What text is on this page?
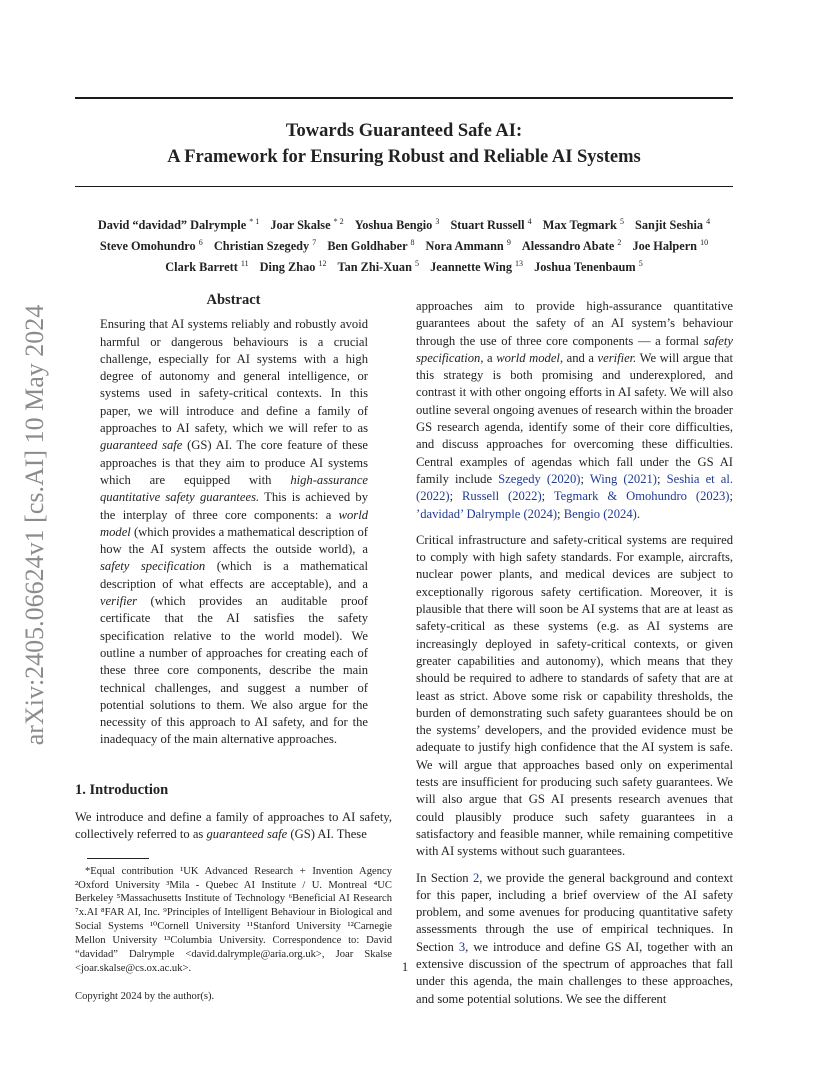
Towards Guaranteed Safe AI:
A Framework for Ensuring Robust and Reliable AI Systems
David “davidad” Dalrymple $^{* 1}$ Joar Skalse $^{* 2}$ Yoshua Bengio $^3$ Stuart Russell $^4$ Max Tegmark $^5$ Sanjit Seshia $^4$
Steve Omohundro $^6$ Christian Szegedy $^7$ Ben Goldhaber $^8$ Nora Ammann $^9$ Alessandro Abate $^2$ Joe Halpern $^{10}$
Clark Barrett $^{11}$ Ding Zhao $^{12}$ Tan Zhi-Xuan $^5$ Jeannette Wing $^{13}$ Joshua Tenenbaum $^5$
arXiv:2405.06624v1 [cs.AI] 10 May 2024
Abstract
Ensuring that AI systems reliably and robustly avoid harmful or dangerous behaviours is a crucial challenge, especially for AI systems with a high degree of autonomy and general intelligence, or systems used in safety-critical contexts. In this paper, we will introduce and define a family of approaches to AI safety, which we will refer to as guaranteed safe (GS) AI. The core feature of these approaches is that they aim to produce AI systems which are equipped with high-assurance quantitative safety guarantees. This is achieved by the interplay of three core components: a world model (which provides a mathematical description of how the AI system affects the outside world), a safety specification (which is a mathematical description of what effects are acceptable), and a verifier (which provides an auditable proof certificate that the AI satisfies the safety specification relative to the world model). We outline a number of approaches for creating each of these three core components, describe the main technical challenges, and suggest a number of potential solutions to them. We also argue for the necessity of this approach to AI safety, and for the inadequacy of the main alternative approaches.
1. Introduction

We introduce and define a family of approaches to AI safety, collectively referred to as guaranteed safe (GS) AI. These

*Equal contribution ¹UK Advanced Research + Invention Agency ²Oxford University ³Mila - Quebec AI Institute / U. Montreal ⁴UC Berkeley ⁵Massachusetts Institute of Technology ⁶Beneficial AI Research ⁷x.AI ⁸FAR AI, Inc. ⁹Principles of Intelligent Behaviour in Biological and Social Systems ¹⁰Cornell University ¹¹Stanford University ¹²Carnegie Mellon University ¹³Columbia University. Correspondence to: David “davidad” Dalrymple <david.dalrymple@aria.org.uk>, Joar Skalse <joar.skalse@cs.ox.ac.uk>.

Copyright 2024 by the author(s).

approaches aim to provide high-assurance quantitative guarantees about the safety of an AI system’s behaviour through the use of three core components — a formal safety specification, a world model, and a verifier. We will argue that this strategy is both promising and underexplored, and contrast it with other ongoing efforts in AI safety. We will also outline several ongoing avenues of research within the broader GS research agenda, identify some of their core difficulties, and discuss approaches for overcoming these difficulties. Central examples of agendas which fall under the GS AI family include Szegedy (2020); Wing (2021); Seshia et al. (2022); Russell (2022); Tegmark & Omohundro (2023); ’davidad’ Dalrymple (2024); Bengio (2024).

Critical infrastructure and safety-critical systems are required to comply with high safety standards. For example, aircrafts, nuclear power plants, and medical devices are subject to exceptionally rigorous safety certification. Moreover, it is plausible that there will soon be AI systems that are at least as safety-critical as these systems (e.g. as AI systems are increasingly deployed in safety-critical contexts, or given greater capabilities and autonomy), which means that they should be required to adhere to standards of safety that are at least as strict. Above some risk or capability thresholds, the burden of demonstrating such safety guarantees should be on the systems’ developers, and the provided evidence must be adequate to justify high confidence that the AI system is safe. We will argue that approaches based only on experimental tests are insufficient for producing such safety guarantees. We will also argue that GS AI presents research avenues that could plausibly produce such safety guarantees in a satisfactory and feasible manner, while remaining competitive with AI systems without such guarantees.

In Section 2, we provide the general background and context for this paper, including a brief overview of the AI safety problem, and some avenues for producing quantitative safety assessments through the use of empirical techniques. In Section 3, we introduce and define GS AI, together with an extensive discussion of the spectrum of approaches that fall under this agenda, the main challenges to these approaches, and some potential solutions. We see the different

1
